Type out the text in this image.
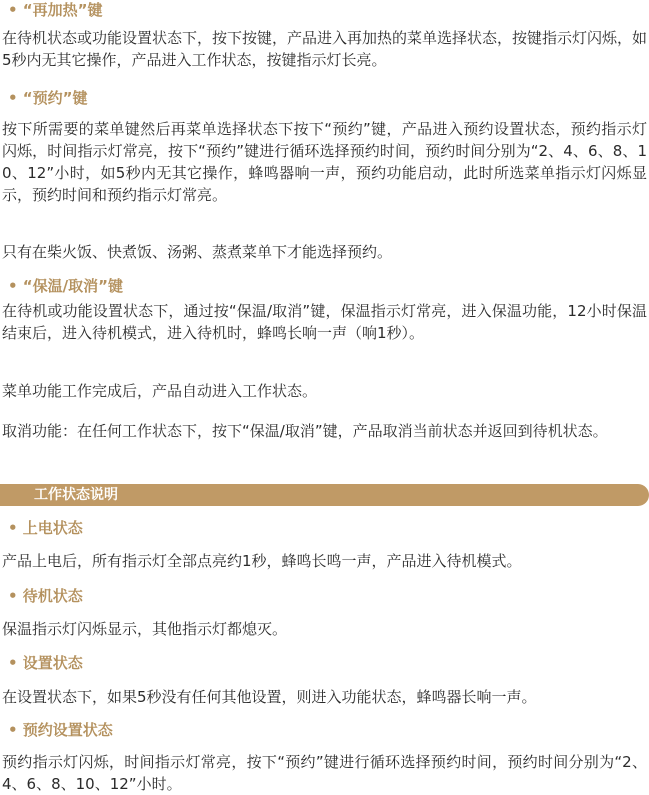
• “再加热”键
在待机状态或功能设置状态下，按下按键，产品进入再加热的菜单选择状态，按键指示灯闪烁，如5秒内无其它操作，产品进入工作状态，按键指示灯长亮。
• “预约”键
按下所需要的菜单键然后再菜单选择状态下按下“预约”键，产品进入预约设置状态，预约指示灯闪烁，时间指示灯常亮，按下“预约”键进行循环选择预约时间，预约时间分别为“2、4、6、8、10、12”小时，如5秒内无其它操作，蜂鸣器响一声，预约功能启动，此时所选菜单指示灯闪烁显示，预约时间和预约指示灯常亮。
只有在柴火饭、快煮饭、汤粥、蒸煮菜单下才能选择预约。
• “保温/取消”键
在待机或功能设置状态下，通过按“保温/取消”键，保温指示灯常亮，进入保温功能，12小时保温结束后，进入待机模式，进入待机时，蜂鸣长响一声（响1秒）。
菜单功能工作完成后，产品自动进入工作状态。
取消功能：在任何工作状态下，按下“保温/取消”键，产品取消当前状态并返回到待机状态。
工作状态说明
• 上电状态
产品上电后，所有指示灯全部点亮约1秒，蜂鸣长鸣一声，产品进入待机模式。
• 待机状态
保温指示灯闪烁显示，其他指示灯都熄灭。
• 设置状态
在设置状态下，如果5秒没有任何其他设置，则进入功能状态，蜂鸣器长响一声。
• 预约设置状态
预约指示灯闪烁，时间指示灯常亮，按下“预约”键进行循环选择预约时间，预约时间分别为“2、4、6、8、10、12”小时。
